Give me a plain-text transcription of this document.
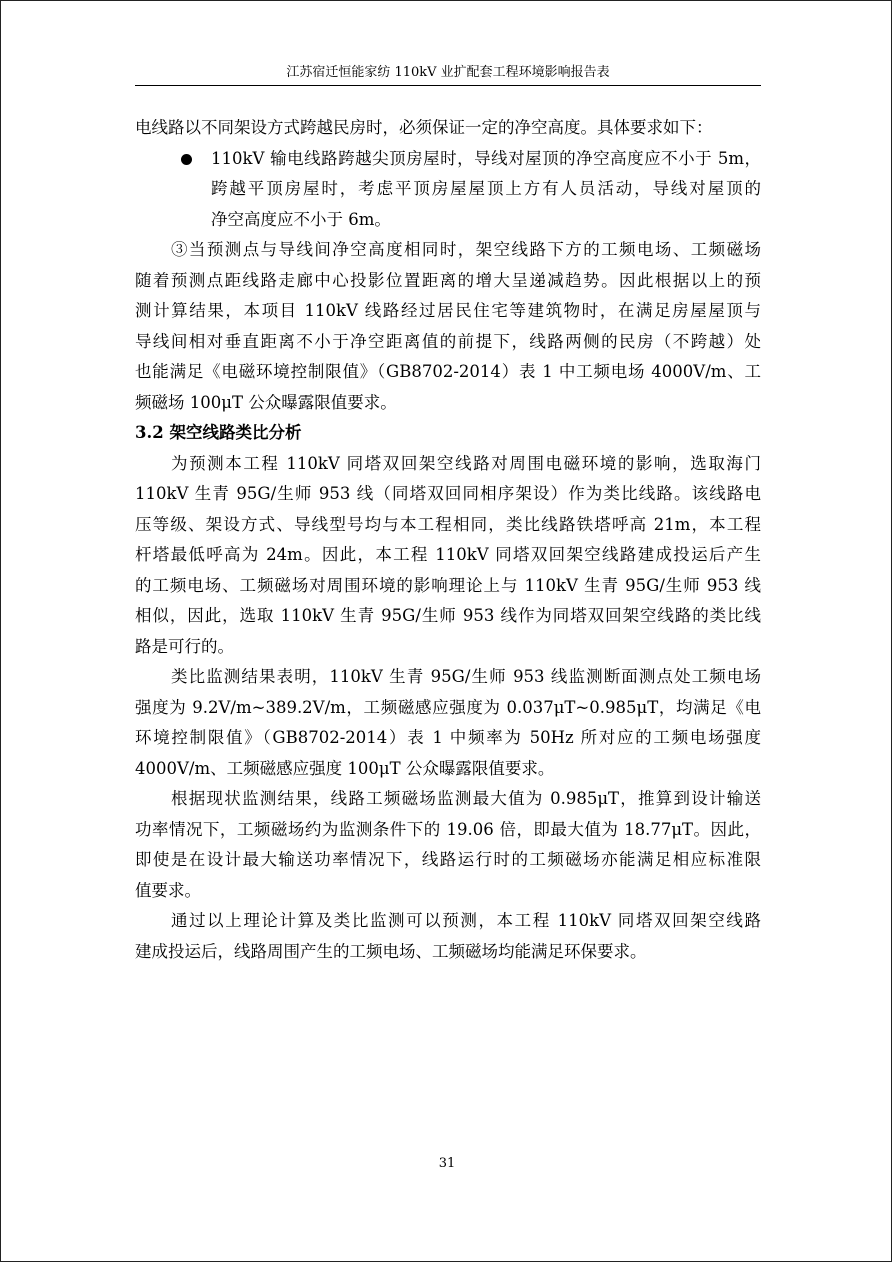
江苏宿迁恒能家纺 110kV 业扩配套工程环境影响报告表
电线路以不同架设方式跨越民房时，必须保证一定的净空高度。具体要求如下：
110kV 输电线路跨越尖顶房屋时，导线对屋顶的净空高度应不小于 5m，
跨越平顶房屋时，考虑平顶房屋屋顶上方有人员活动，导线对屋顶的
净空高度应不小于 6m。
③当预测点与导线间净空高度相同时，架空线路下方的工频电场、工频磁场
随着预测点距线路走廊中心投影位置距离的增大呈递减趋势。因此根据以上的预
测计算结果，本项目 110kV 线路经过居民住宅等建筑物时，在满足房屋屋顶与
导线间相对垂直距离不小于净空距离值的前提下，线路两侧的民房（不跨越）处
也能满足《电磁环境控制限值》（GB8702-2014）表 1 中工频电场 4000V/m、工
频磁场 100μT 公众曝露限值要求。
3.2 架空线路类比分析
为预测本工程 110kV 同塔双回架空线路对周围电磁环境的影响，选取海门
110kV 生青 95G/生师 953 线（同塔双回同相序架设）作为类比线路。该线路电
压等级、架设方式、导线型号均与本工程相同，类比线路铁塔呼高 21m，本工程
杆塔最低呼高为 24m。因此，本工程 110kV 同塔双回架空线路建成投运后产生
的工频电场、工频磁场对周围环境的影响理论上与 110kV 生青 95G/生师 953 线
相似，因此，选取 110kV 生青 95G/生师 953 线作为同塔双回架空线路的类比线
路是可行的。
类比监测结果表明，110kV 生青 95G/生师 953 线监测断面测点处工频电场
强度为 9.2V/m~389.2V/m，工频磁感应强度为 0.037μT~0.985μT，均满足《电
环境控制限值》（GB8702-2014）表 1 中频率为 50Hz 所对应的工频电场强度
4000V/m、工频磁感应强度 100μT 公众曝露限值要求。
根据现状监测结果，线路工频磁场监测最大值为 0.985μT，推算到设计输送
功率情况下，工频磁场约为监测条件下的 19.06 倍，即最大值为 18.77μT。因此，
即使是在设计最大输送功率情况下，线路运行时的工频磁场亦能满足相应标准限
值要求。
通过以上理论计算及类比监测可以预测，本工程 110kV 同塔双回架空线路
建成投运后，线路周围产生的工频电场、工频磁场均能满足环保要求。
31
